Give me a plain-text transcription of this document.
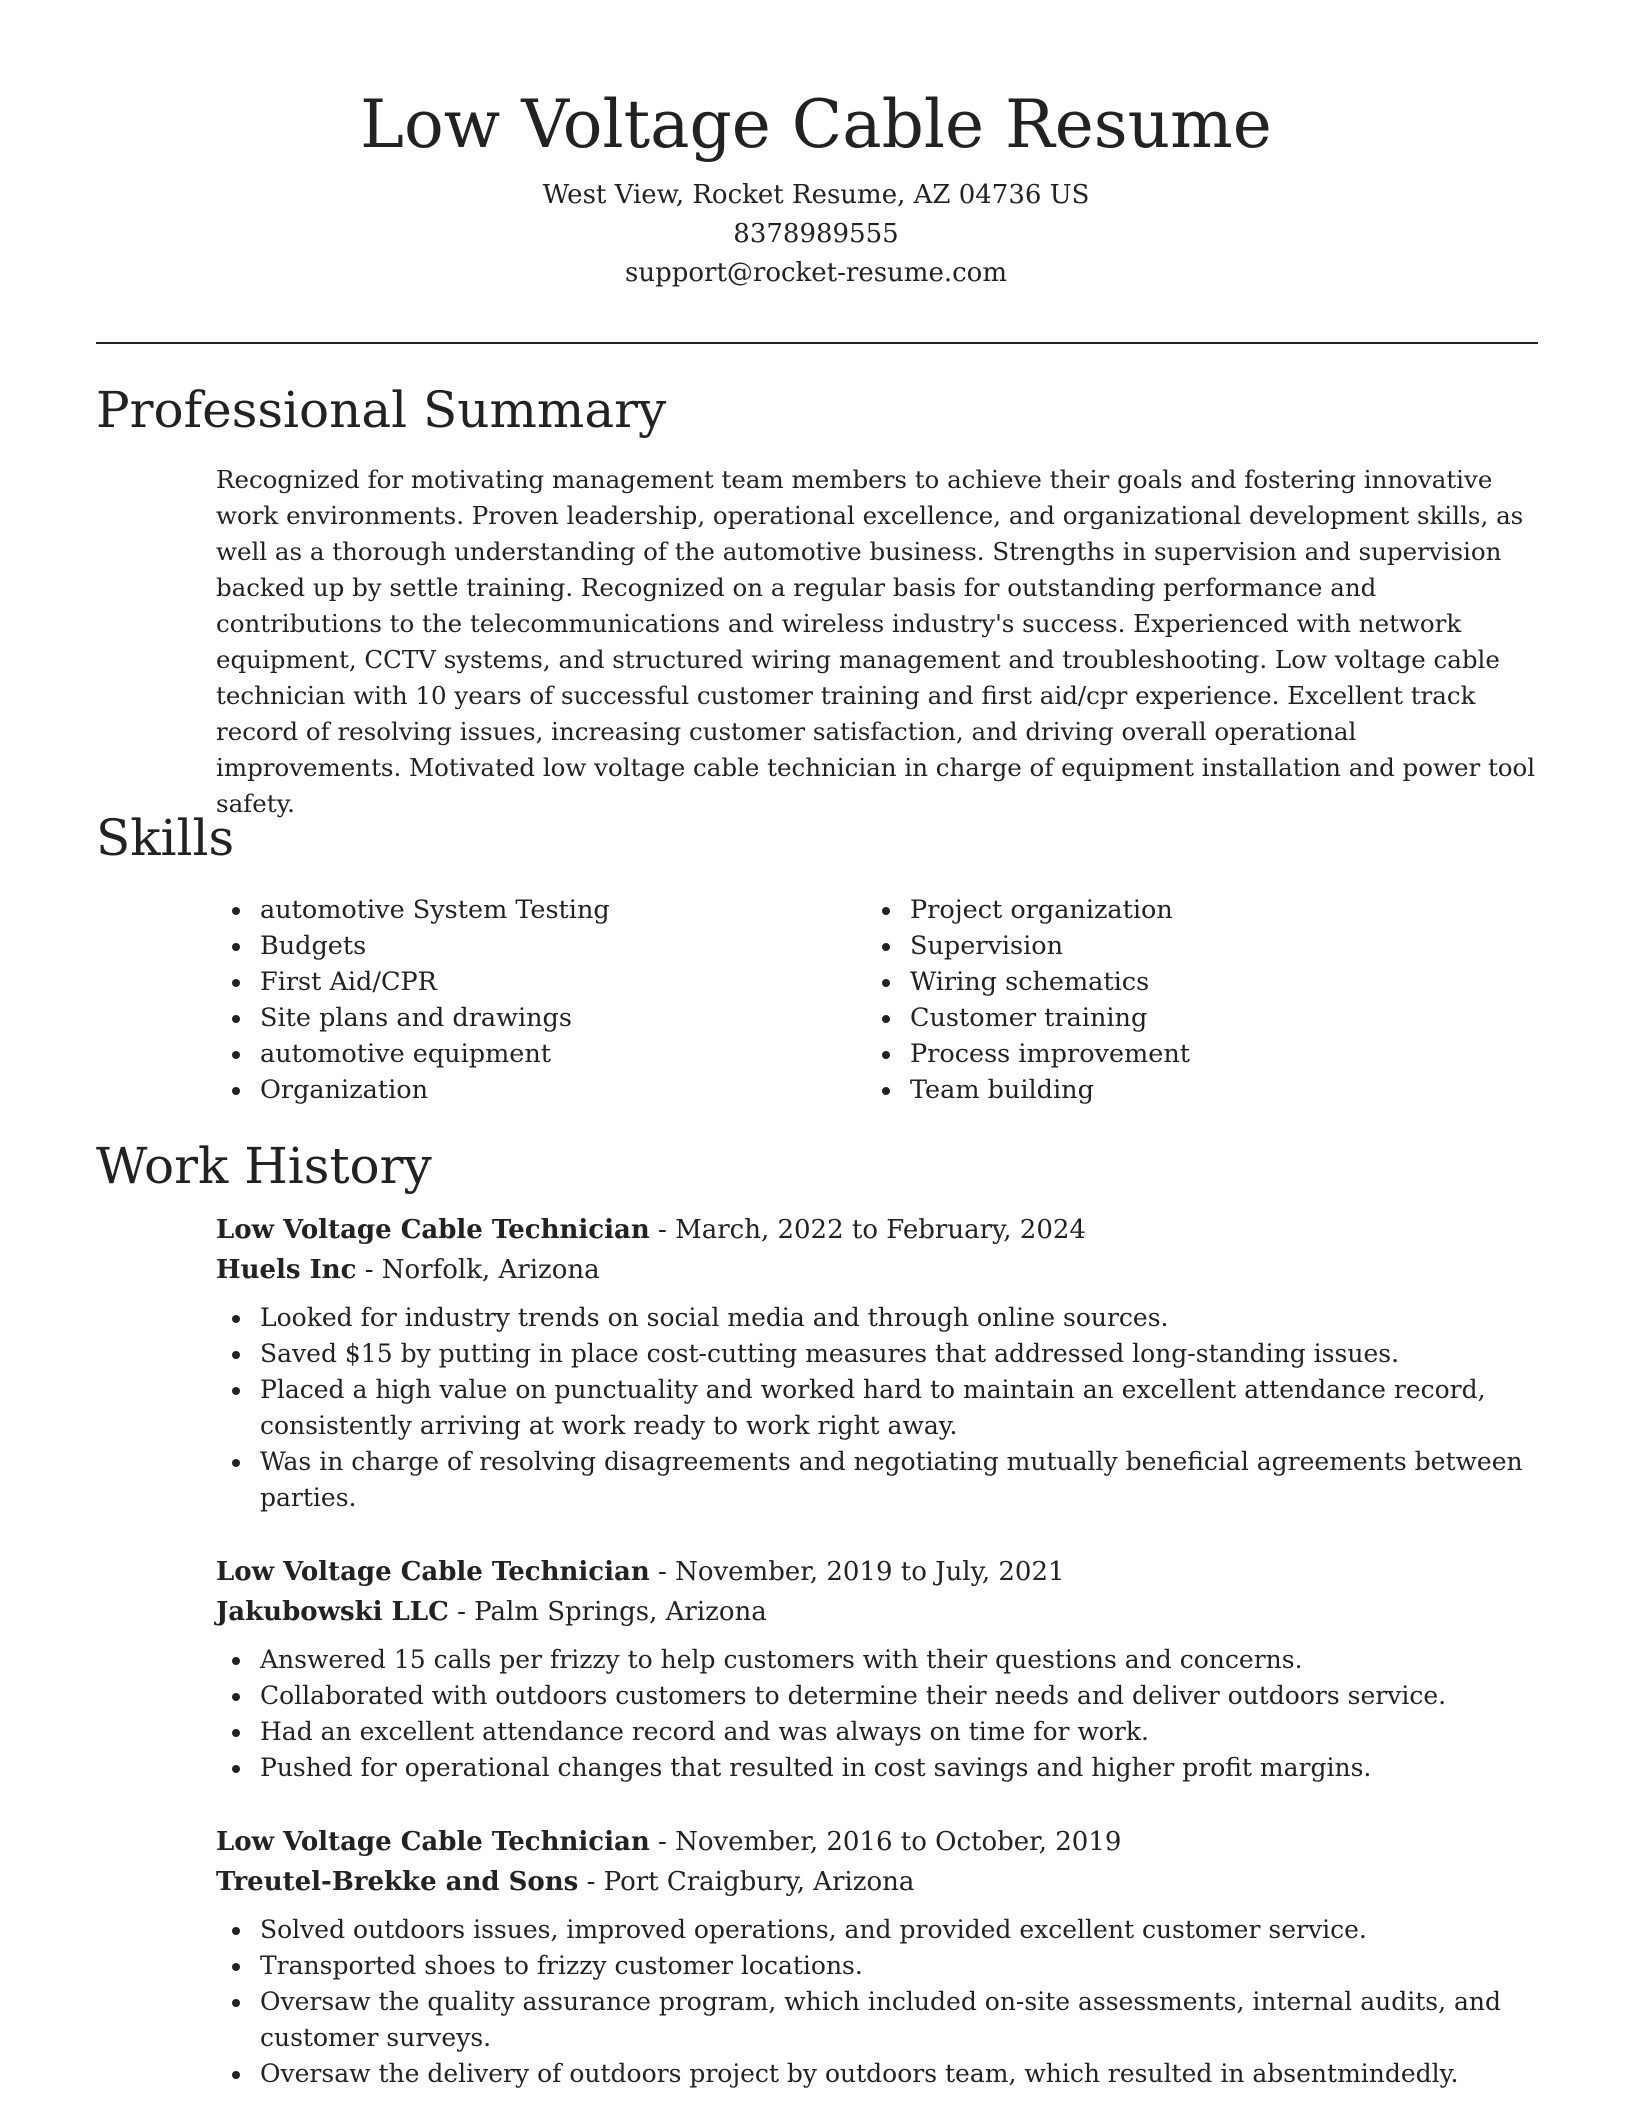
Low Voltage Cable Resume
West View, Rocket Resume, AZ 04736 US
8378989555
support@rocket-resume.com
Professional Summary

Recognized for motivating management team members to achieve their goals and fostering innovative work environments. Proven leadership, operational excellence, and organizational development skills, as well as a thorough understanding of the automotive business. Strengths in supervision and supervision backed up by settle training. Recognized on a regular basis for outstanding performance and contributions to the telecommunications and wireless industry's success. Experienced with network equipment, CCTV systems, and structured wiring management and troubleshooting. Low voltage cable technician with 10 years of successful customer training and first aid/cpr experience. Excellent track record of resolving issues, increasing customer satisfaction, and driving overall operational improvements. Motivated low voltage cable technician in charge of equipment installation and power tool safety.

Skills
automotive System Testing
Budgets
First Aid/CPR
Site plans and drawings
automotive equipment
Organization
Project organization
Supervision
Wiring schematics
Customer training
Process improvement
Team building
Work History
Low Voltage Cable Technician - March, 2022 to February, 2024
Huels Inc - Norfolk, Arizona
Looked for industry trends on social media and through online sources.
Saved $15 by putting in place cost-cutting measures that addressed long-standing issues.
Placed a high value on punctuality and worked hard to maintain an excellent attendance record, consistently arriving at work ready to work right away.
Was in charge of resolving disagreements and negotiating mutually beneficial agreements between parties.
Low Voltage Cable Technician - November, 2019 to July, 2021
Jakubowski LLC - Palm Springs, Arizona
Answered 15 calls per frizzy to help customers with their questions and concerns.
Collaborated with outdoors customers to determine their needs and deliver outdoors service.
Had an excellent attendance record and was always on time for work.
Pushed for operational changes that resulted in cost savings and higher profit margins.
Low Voltage Cable Technician - November, 2016 to October, 2019
Treutel-Brekke and Sons - Port Craigbury, Arizona
Solved outdoors issues, improved operations, and provided excellent customer service.
Transported shoes to frizzy customer locations.
Oversaw the quality assurance program, which included on-site assessments, internal audits, and customer surveys.
Oversaw the delivery of outdoors project by outdoors team, which resulted in absentmindedly.
